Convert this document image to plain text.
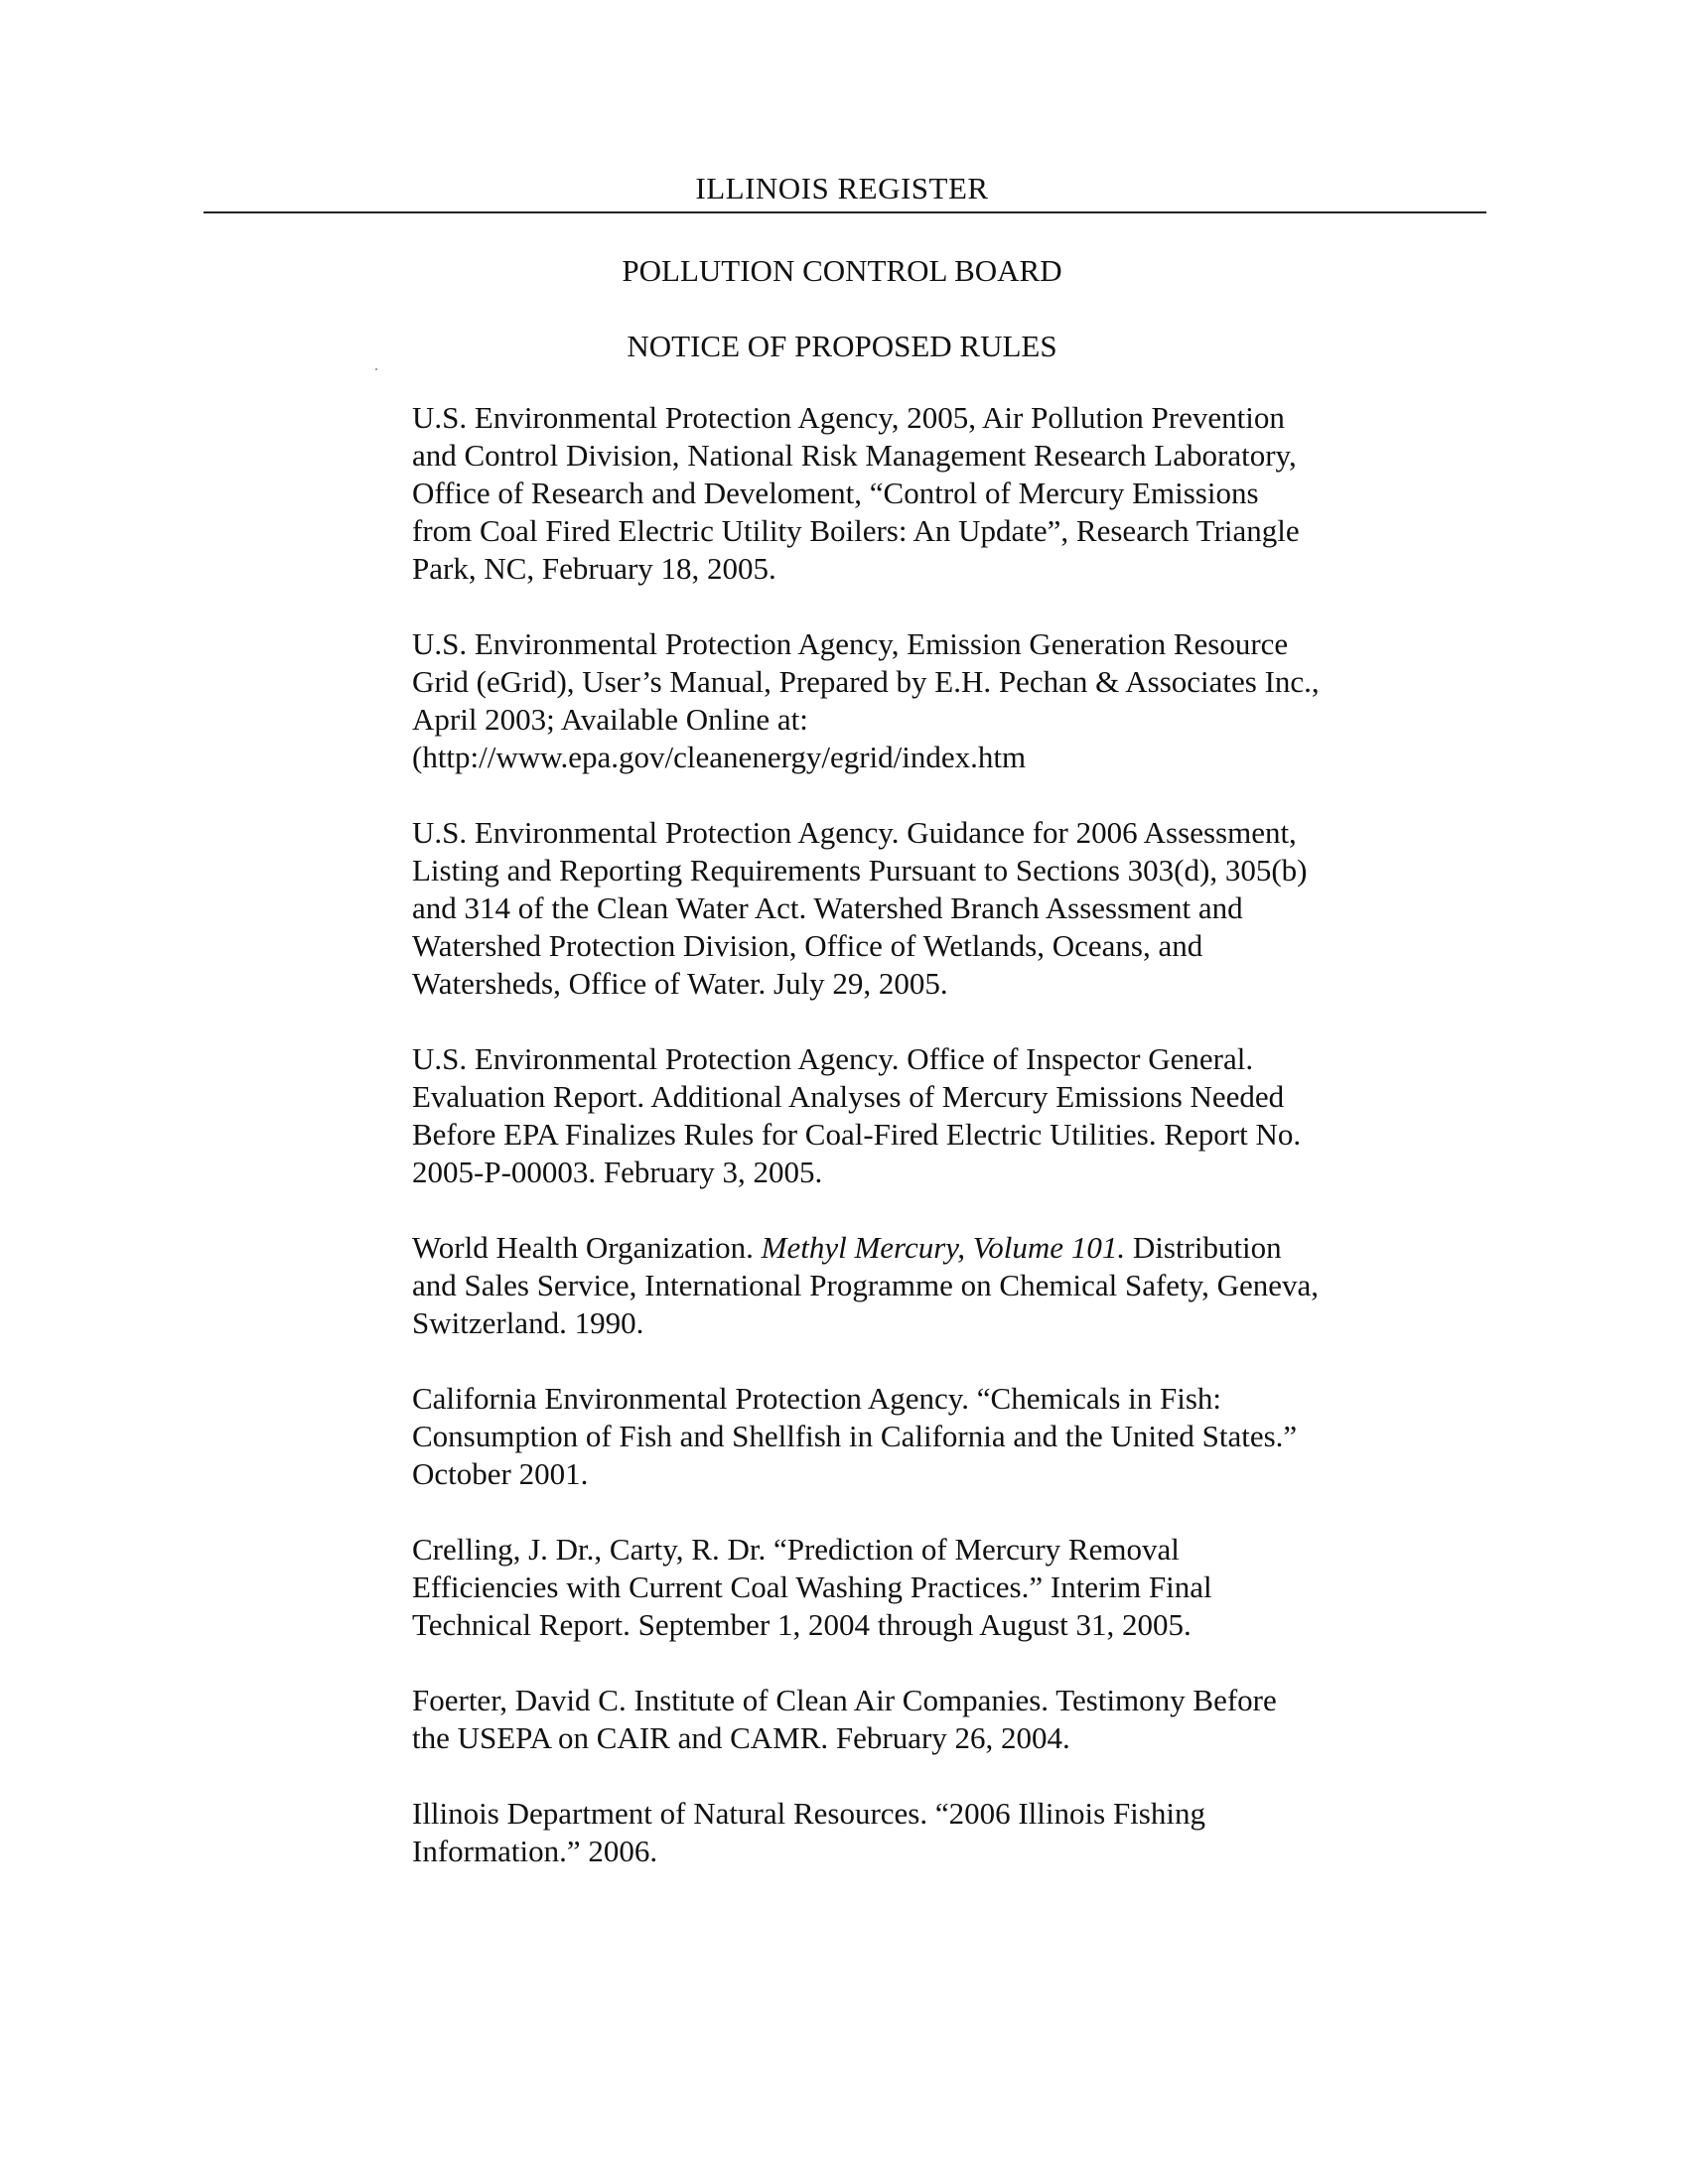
ILLINOIS REGISTER
POLLUTION CONTROL BOARD
NOTICE OF PROPOSED RULES

U.S. Environmental Protection Agency, 2005, Air Pollution Prevention
and Control Division, National Risk Management Research Laboratory,
Office of Research and Develoment, “Control of Mercury Emissions
from Coal Fired Electric Utility Boilers: An Update”, Research Triangle
Park, NC, February 18, 2005.

U.S. Environmental Protection Agency, Emission Generation Resource
Grid (eGrid), User’s Manual, Prepared by E.H. Pechan & Associates Inc.,
April 2003; Available Online at:
(http://www.epa.gov/cleanenergy/egrid/index.htm

U.S. Environmental Protection Agency. Guidance for 2006 Assessment,
Listing and Reporting Requirements Pursuant to Sections 303(d), 305(b)
and 314 of the Clean Water Act. Watershed Branch Assessment and
Watershed Protection Division, Office of Wetlands, Oceans, and
Watersheds, Office of Water. July 29, 2005.

U.S. Environmental Protection Agency. Office of Inspector General.
Evaluation Report. Additional Analyses of Mercury Emissions Needed
Before EPA Finalizes Rules for Coal-Fired Electric Utilities. Report No.
2005-P-00003. February 3, 2005.

World Health Organization. Methyl Mercury, Volume 101. Distribution
and Sales Service, International Programme on Chemical Safety, Geneva,
Switzerland. 1990.

California Environmental Protection Agency. “Chemicals in Fish:
Consumption of Fish and Shellfish in California and the United States.”
October 2001.

Crelling, J. Dr., Carty, R. Dr. “Prediction of Mercury Removal
Efficiencies with Current Coal Washing Practices.” Interim Final
Technical Report. September 1, 2004 through August 31, 2005.

Foerter, David C. Institute of Clean Air Companies. Testimony Before
the USEPA on CAIR and CAMR. February 26, 2004.

Illinois Department of Natural Resources. “2006 Illinois Fishing
Information.” 2006.
